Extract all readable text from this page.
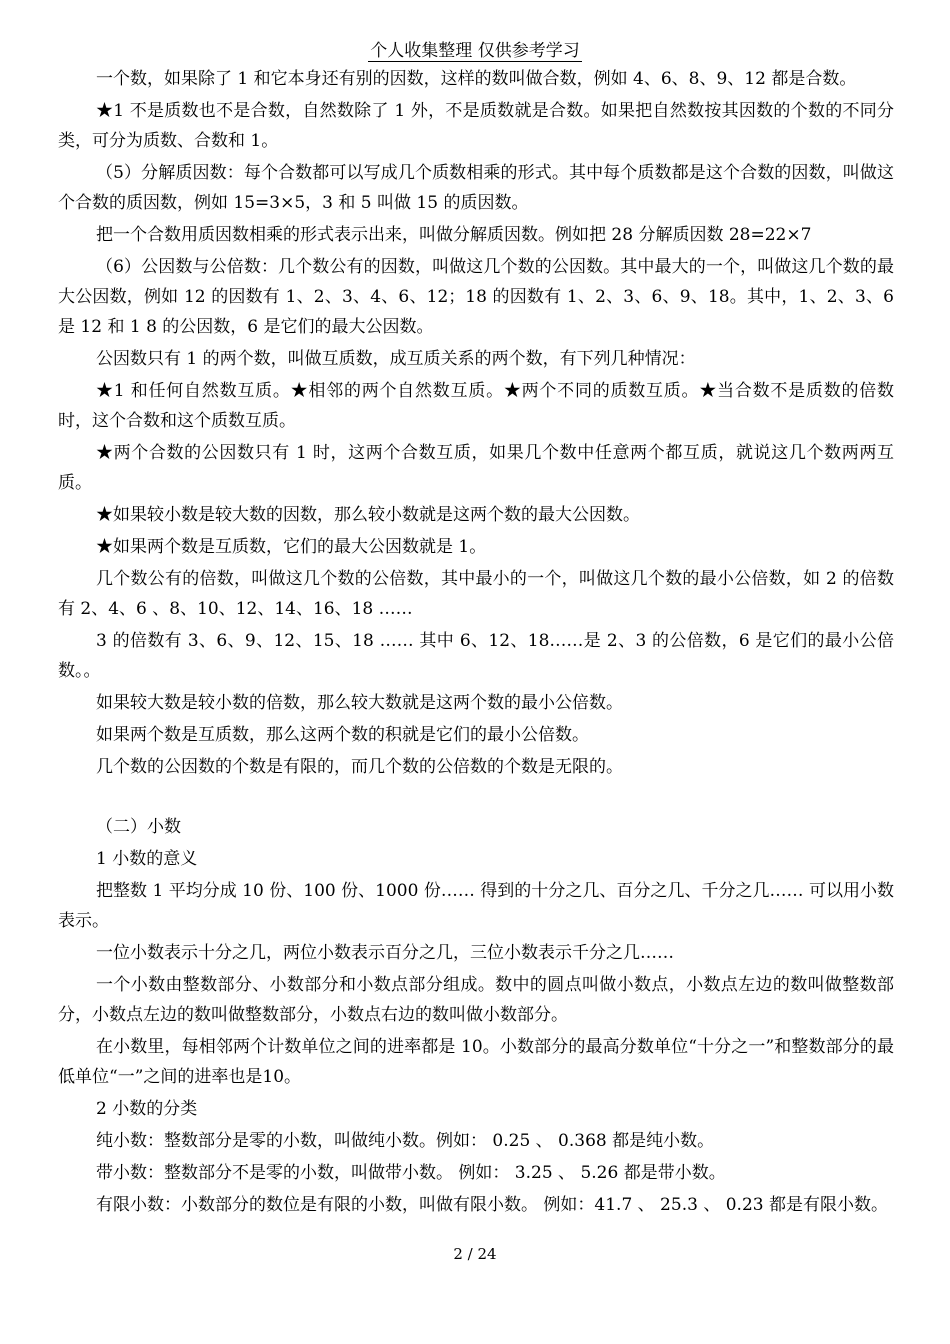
个人收集整理 仅供参考学习

一个数，如果除了 1 和它本身还有别的因数，这样的数叫做合数，例如 4、6、8、9、12 都是合数。

★1 不是质数也不是合数，自然数除了 1 外，不是质数就是合数。如果把自然数按其因数的个数的不同分类，可分为质数、合数和 1。

（5）分解质因数：每个合数都可以写成几个质数相乘的形式。其中每个质数都是这个合数的因数，叫做这个合数的质因数，例如 15=3×5，3 和 5 叫做 15 的质因数。

把一个合数用质因数相乘的形式表示出来，叫做分解质因数。例如把 28 分解质因数 28=22×7

（6）公因数与公倍数：几个数公有的因数，叫做这几个数的公因数。其中最大的一个，叫做这几个数的最大公因数，例如 12 的因数有 1、2、3、4、6、12；18 的因数有 1、2、3、6、9、18。其中，1、2、3、6 是 12 和 1 8 的公因数，6 是它们的最大公因数。

公因数只有 1 的两个数，叫做互质数，成互质关系的两个数，有下列几种情况：

★1 和任何自然数互质。★相邻的两个自然数互质。★两个不同的质数互质。★当合数不是质数的倍数时，这个合数和这个质数互质。

★两个合数的公因数只有 1 时，这两个合数互质，如果几个数中任意两个都互质，就说这几个数两两互质。

★如果较小数是较大数的因数，那么较小数就是这两个数的最大公因数。

★如果两个数是互质数，它们的最大公因数就是 1。

几个数公有的倍数，叫做这几个数的公倍数，其中最小的一个，叫做这几个数的最小公倍数，如 2 的倍数有 2、4、6 、8、10、12、14、16、18 ……

3 的倍数有 3、6、9、12、15、18 …… 其中 6、12、18……是 2、3 的公倍数，6 是它们的最小公倍数。。

如果较大数是较小数的倍数，那么较大数就是这两个数的最小公倍数。

如果两个数是互质数，那么这两个数的积就是它们的最小公倍数。

几个数的公因数的个数是有限的，而几个数的公倍数的个数是无限的。

（二）小数

1 小数的意义

把整数 1 平均分成 10 份、100 份、1000 份…… 得到的十分之几、百分之几、千分之几…… 可以用小数表示。

一位小数表示十分之几，两位小数表示百分之几，三位小数表示千分之几……

一个小数由整数部分、小数部分和小数点部分组成。数中的圆点叫做小数点，小数点左边的数叫做整数部分，小数点左边的数叫做整数部分，小数点右边的数叫做小数部分。

在小数里，每相邻两个计数单位之间的进率都是 10。小数部分的最高分数单位“十分之一”和整数部分的最低单位“一”之间的进率也是10。

2 小数的分类

纯小数：整数部分是零的小数，叫做纯小数。例如： 0.25 、 0.368 都是纯小数。

带小数：整数部分不是零的小数，叫做带小数。 例如： 3.25 、 5.26 都是带小数。

有限小数：小数部分的数位是有限的小数，叫做有限小数。 例如：41.7 、 25.3 、 0.23 都是有限小数。

2 / 24
